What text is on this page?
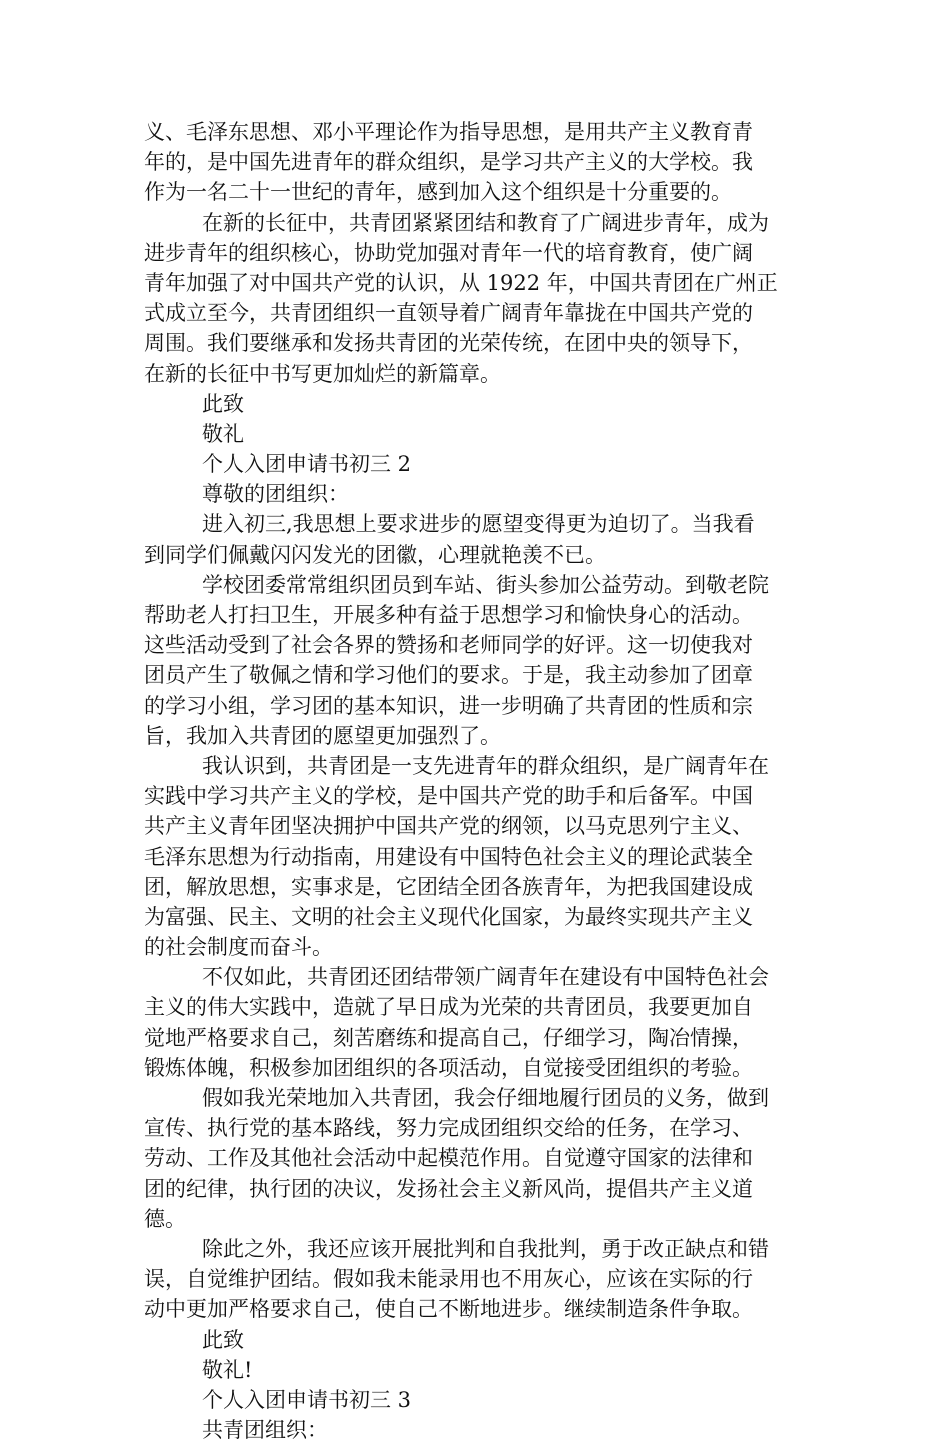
义、毛泽东思想、邓小平理论作为指导思想，是用共产主义教育青
年的，是中国先进青年的群众组织，是学习共产主义的大学校。我
作为一名二十一世纪的青年，感到加入这个组织是十分重要的。
在新的长征中，共青团紧紧团结和教育了广阔进步青年，成为
进步青年的组织核心，协助党加强对青年一代的培育教育，使广阔
青年加强了对中国共产党的认识，从 1922 年，中国共青团在广州正
式成立至今，共青团组织一直领导着广阔青年靠拢在中国共产党的
周围。我们要继承和发扬共青团的光荣传统，在团中央的领导下，
在新的长征中书写更加灿烂的新篇章。
此致
敬礼
个人入团申请书初三 2
尊敬的团组织：
进入初三,我思想上要求进步的愿望变得更为迫切了。当我看
到同学们佩戴闪闪发光的团徽，心理就艳羡不已。
学校团委常常组织团员到车站、街头参加公益劳动。到敬老院
帮助老人打扫卫生，开展多种有益于思想学习和愉快身心的活动。
这些活动受到了社会各界的赞扬和老师同学的好评。这一切使我对
团员产生了敬佩之情和学习他们的要求。于是，我主动参加了团章
的学习小组，学习团的基本知识，进一步明确了共青团的性质和宗
旨，我加入共青团的愿望更加强烈了。
我认识到，共青团是一支先进青年的群众组织，是广阔青年在
实践中学习共产主义的学校，是中国共产党的助手和后备军。中国
共产主义青年团坚决拥护中国共产党的纲领，以马克思列宁主义、
毛泽东思想为行动指南，用建设有中国特色社会主义的理论武装全
团，解放思想，实事求是，它团结全团各族青年，为把我国建设成
为富强、民主、文明的社会主义现代化国家，为最终实现共产主义
的社会制度而奋斗。
不仅如此，共青团还团结带领广阔青年在建设有中国特色社会
主义的伟大实践中，造就了早日成为光荣的共青团员，我要更加自
觉地严格要求自己，刻苦磨练和提高自己，仔细学习，陶冶情操，
锻炼体魄，积极参加团组织的各项活动，自觉接受团组织的考验。
假如我光荣地加入共青团，我会仔细地履行团员的义务，做到
宣传、执行党的基本路线，努力完成团组织交给的任务，在学习、
劳动、工作及其他社会活动中起模范作用。自觉遵守国家的法律和
团的纪律，执行团的决议，发扬社会主义新风尚，提倡共产主义道
德。
除此之外，我还应该开展批判和自我批判，勇于改正缺点和错
误，自觉维护团结。假如我未能录用也不用灰心，应该在实际的行
动中更加严格要求自己，使自己不断地进步。继续制造条件争取。
此致
敬礼!
个人入团申请书初三 3
共青团组织：
